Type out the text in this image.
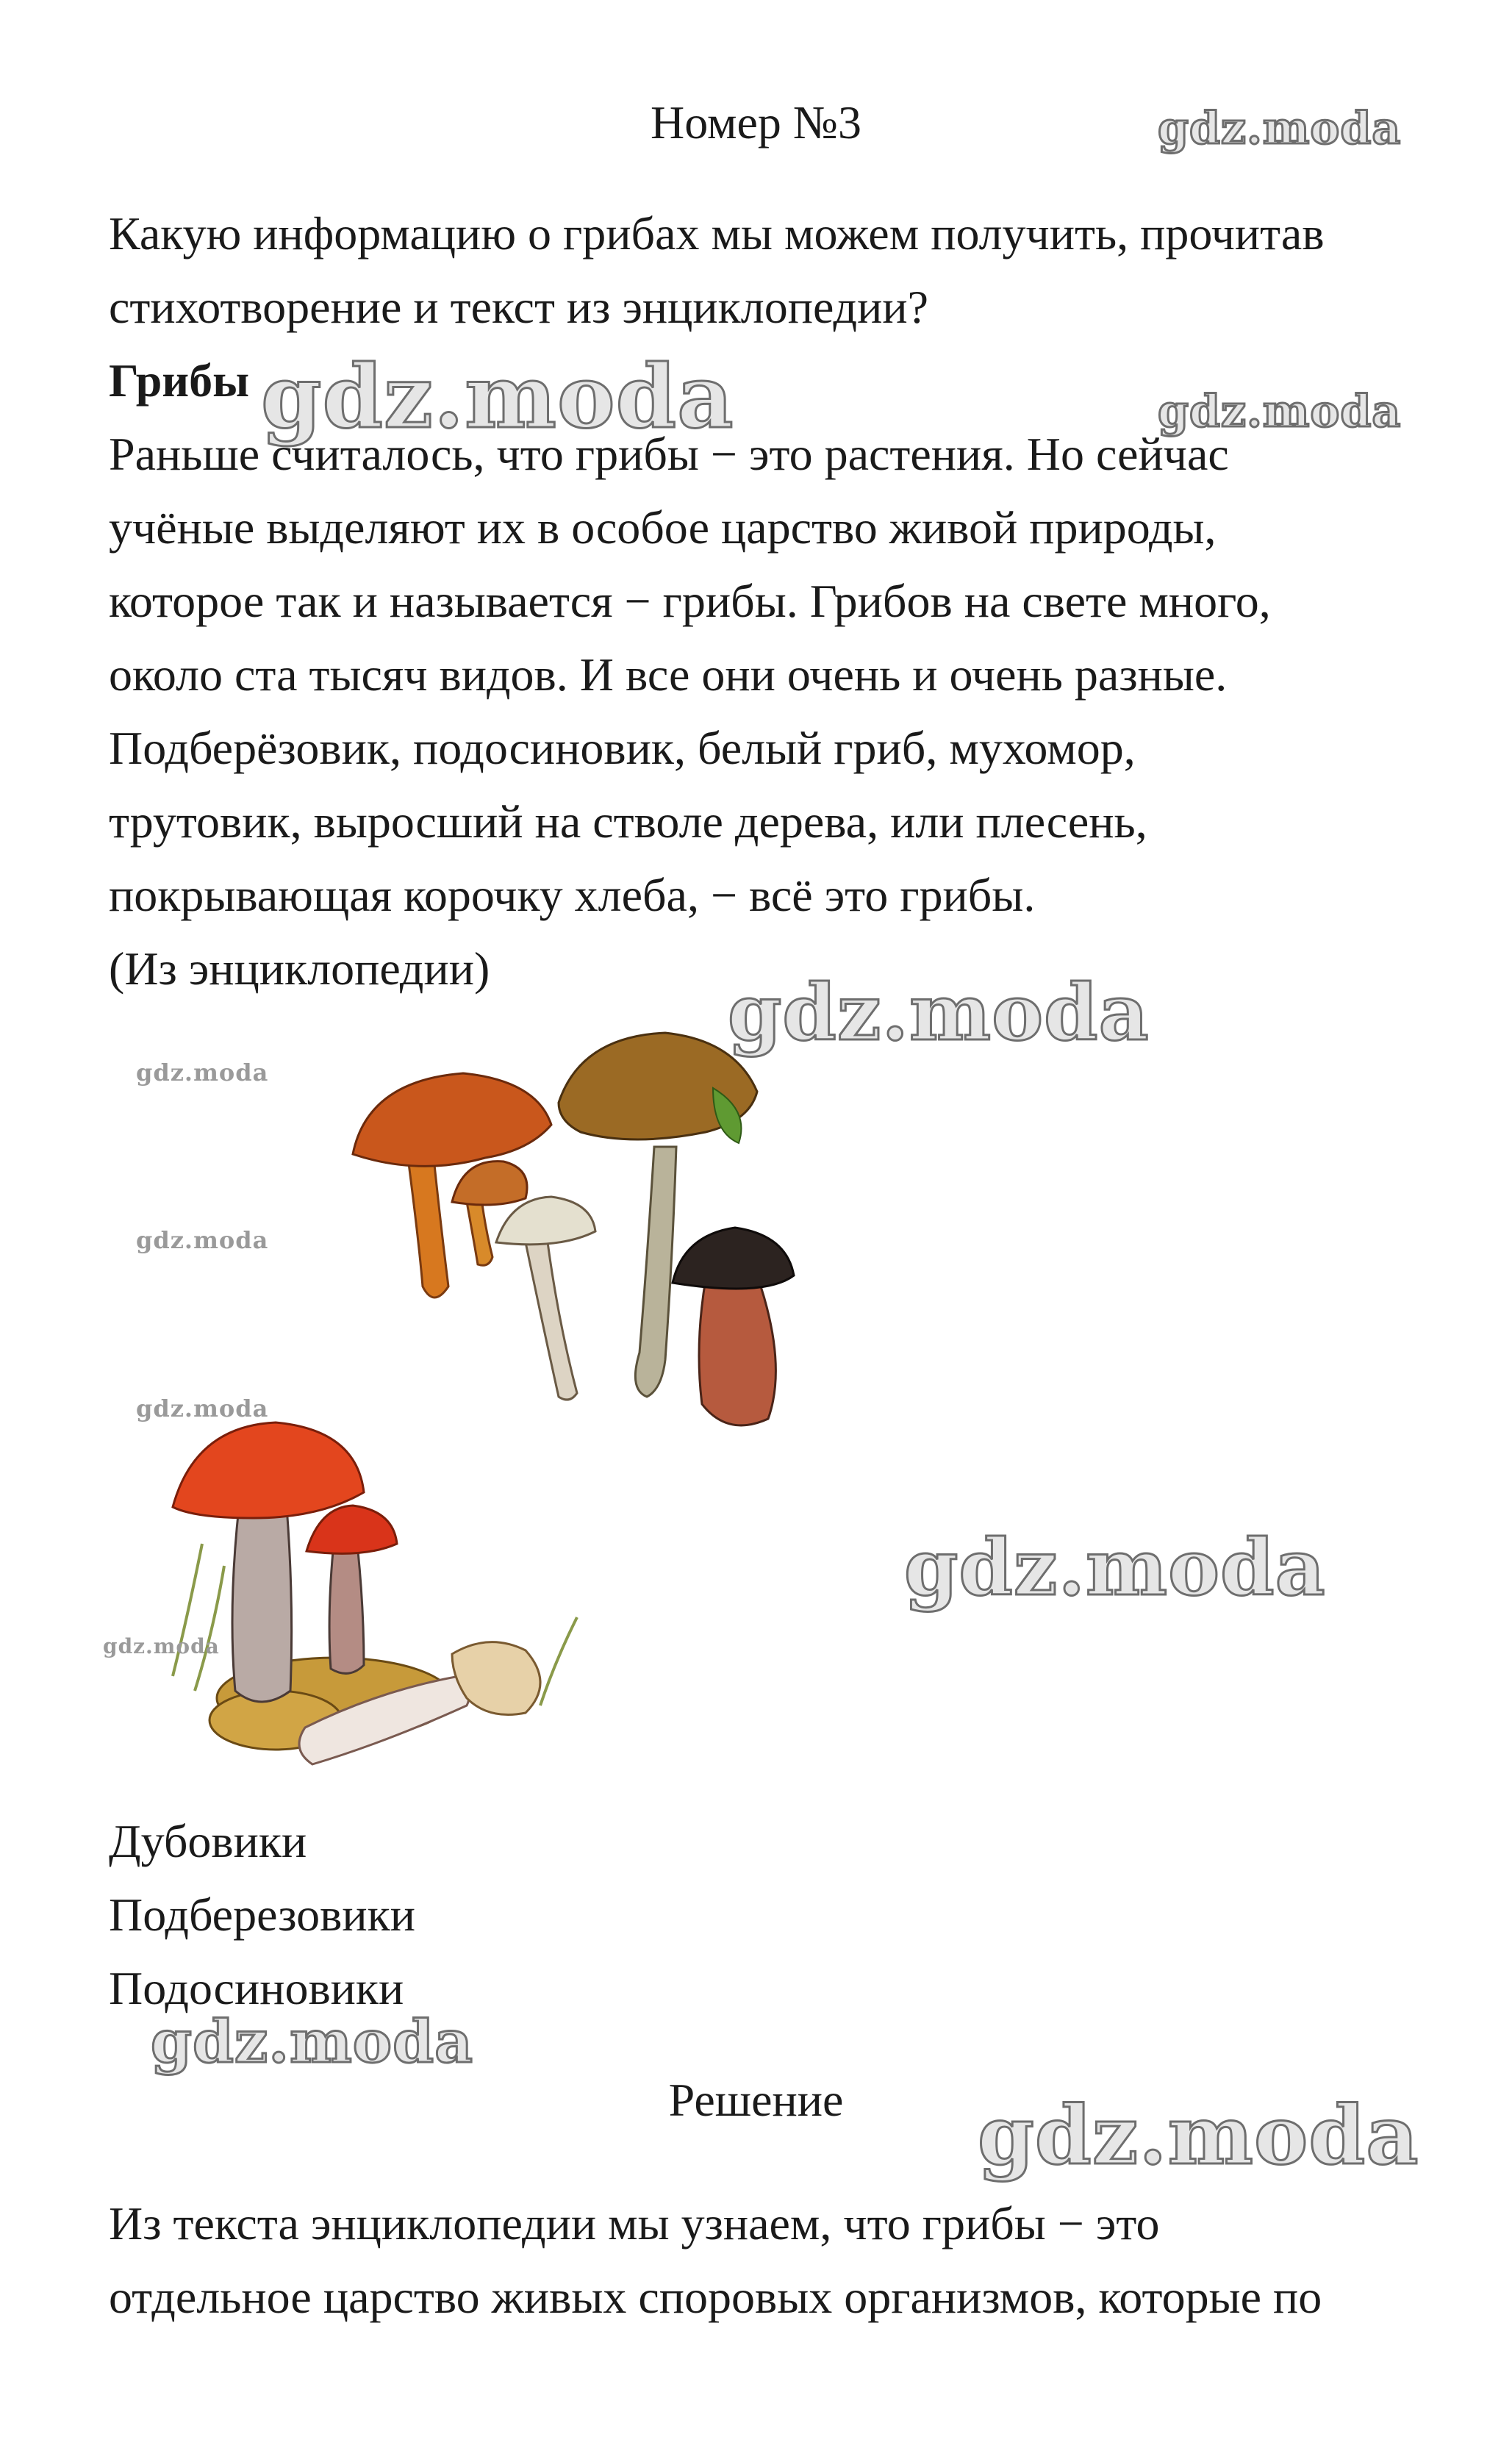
Номер №3
Какую информацию о грибах мы можем получить, прочитав
стихотворение и текст из энциклопедии?
Грибы
Раньше считалось, что грибы − это растения. Но сейчас
учёные выделяют их в особое царство живой природы,
которое так и называется − грибы. Грибов на свете много,
около ста тысяч видов. И все они очень и очень разные.
Подберёзовик, подосиновик, белый гриб, мухомор,
трутовик, выросший на стволе дерева, или плесень,
покрывающая корочку хлеба, − всё это грибы.
(Из энциклопедии)
Дубовики
Подберезовики
Подосиновики
Решение
Из текста энциклопедии мы узнаем, что грибы − это
отдельное царство живых споровых организмов, которые по
gdz.moda
gdz.moda	gdz.moda
gdz.moda
gdz.moda
gdz.moda
gdz.moda
gdz.moda
gdz.moda
gdz.moda
gdz.moda
